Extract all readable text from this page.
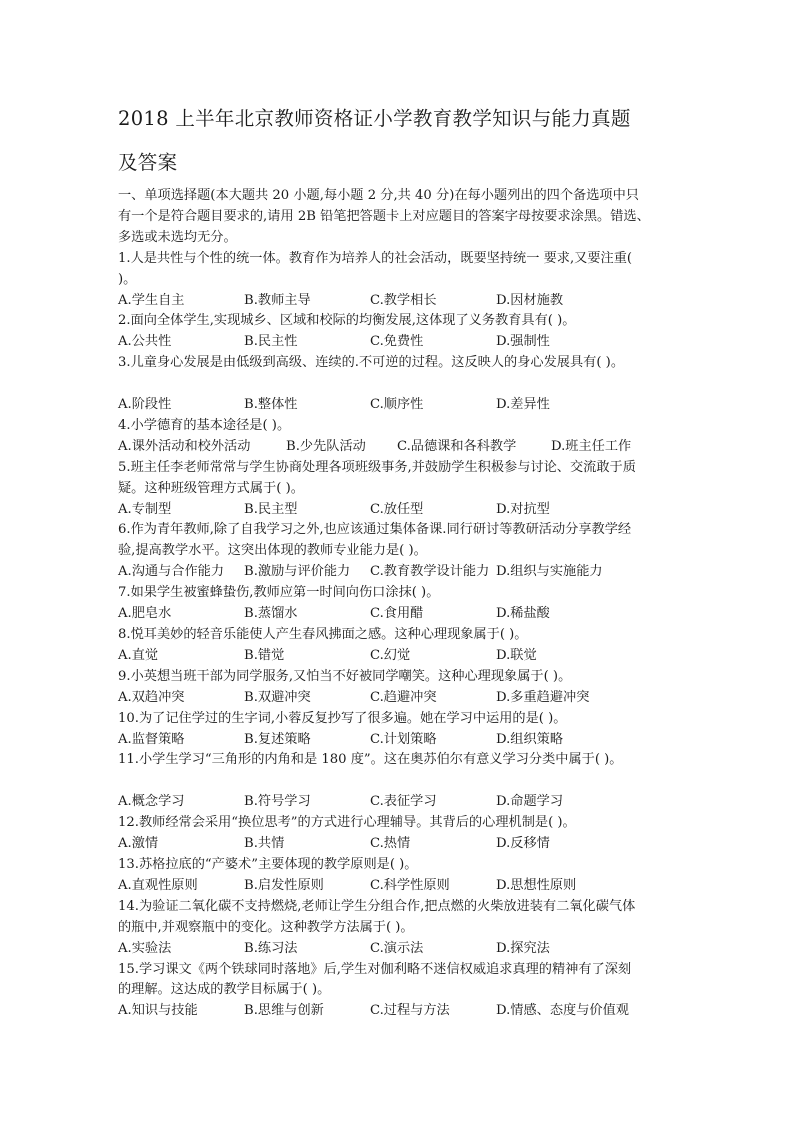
2018 上半年北京教师资格证小学教育教学知识与能力真题
及答案
一、单项选择题(本大题共 20 小题,每小题 2 分,共 40 分)在每小题列出的四个备选项中只
有一个是符合题目要求的,请用 2B 铅笔把答题卡上对应题目的答案字母按要求涂黑。错选、
多选或未选均无分。
1.人是共性与个性的统一体。教育作为培养人的社会活动，既要坚持统一 要求,又要注重(
)。
A.学生自主	B.教师主导	C.教学相长	D.因材施教
2.面向全体学生,实现城乡、区域和校际的均衡发展,这体现了义务教育具有( )。
A.公共性	B.民主性	C.免费性	D.强制性
3.儿童身心发展是由低级到高级、连续的.不可逆的过程。这反映人的身心发展具有( )。
A.阶段性	B.整体性	C.顺序性	D.差异性
4.小学德育的基本途径是( )。
A.课外活动和校外活动	B.少先队活动	C.品德课和各科教学	D.班主任工作
5.班主任李老师常常与学生协商处理各项班级事务,并鼓励学生积极参与讨论、交流敢于质
疑。这种班级管理方式属于( )。
A.专制型	B.民主型	C.放任型	D.对抗型
6.作为青年教师,除了自我学习之外,也应该通过集体备课.同行研讨等教研活动分享教学经
验,提高教学水平。这突出体现的教师专业能力是( )。
A.沟通与合作能力	B.激励与评价能力	C.教育教学设计能力 D.组织与实施能力
7.如果学生被蜜蜂蛰伤,教师应第一时间向伤口涂抹( )。
A.肥皂水	B.蒸馏水	C.食用醋	D.稀盐酸
8.悦耳美妙的轻音乐能使人产生春风拂面之感。这种心理现象属于( )。
A.直觉	B.错觉	C.幻觉	D.联觉
9.小英想当班干部为同学服务,又怕当不好被同学嘲笑。这种心理现象属于( )。
A.双趋冲突	B.双避冲突	C.趋避冲突	D.多重趋避冲突
10.为了记住学过的生字词,小蓉反复抄写了很多遍。她在学习中运用的是( )。
A.监督策略	B.复述策略	C.计划策略	D.组织策略
11.小学生学习“三角形的内角和是 180 度”。这在奥苏伯尔有意义学习分类中属于( )。
A.概念学习	B.符号学习	C.表征学习	D.命题学习
12.教师经常会采用“换位思考”的方式进行心理辅导。其背后的心理机制是( )。
A.激情	B.共情	C.热情	D.反移情
13.苏格拉底的“产婆术”主要体现的教学原则是( )。
A.直观性原则	B.启发性原则	C.科学性原则	D.思想性原则
14.为验证二氧化碳不支持燃烧,老师让学生分组合作,把点燃的火柴放进装有二氧化碳气体
的瓶中,并观察瓶中的变化。这种教学方法属于( )。
A.实验法	B.练习法	C.演示法	D.探究法
15.学习课文《两个铁球同时落地》后,学生对伽利略不迷信权威追求真理的精神有了深刻
的理解。这达成的教学目标属于( )。
A.知识与技能	B.思维与创新	C.过程与方法	D.情感、态度与价值观
